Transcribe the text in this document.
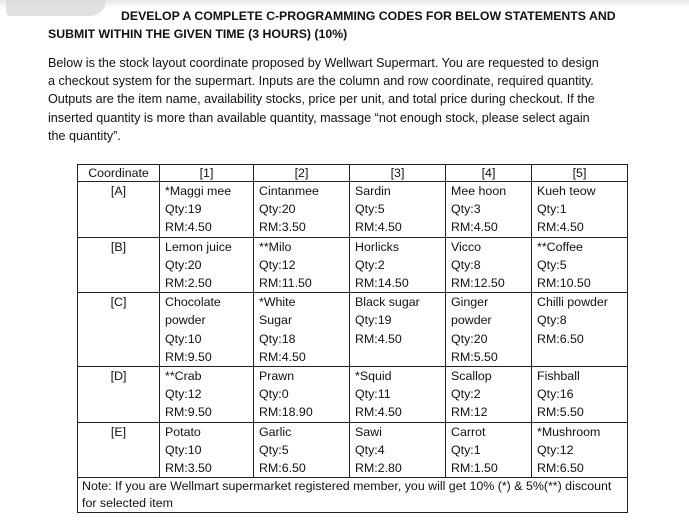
DEVELOP A COMPLETE C-PROGRAMMING CODES FOR BELOW STATEMENTS AND
SUBMIT WITHIN THE GIVEN TIME (3 HOURS) (10%)
Below is the stock layout coordinate proposed by Wellwart Supermart. You are requested to design
a checkout system for the supermart. Inputs are the column and row coordinate, required quantity.
Outputs are the item name, availability stocks, price per unit, and total price during checkout. If the
inserted quantity is more than available quantity, massage “not enough stock, please select again
the quantity”.
Coordinate	[1]	[2]	[3]	[4]	[5]
[A]	*Maggi mee
Qty:19
RM:4.50	Cintanmee
Qty:20
RM:3.50	Sardin
Qty:5
RM:4.50	Mee hoon
Qty:3
RM:4.50	Kueh teow
Qty:1
RM:4.50

[B]	Lemon juice
Qty:20
RM:2.50	**Milo
Qty:12
RM:11.50	Horlicks
Qty:2
RM:14.50	Vicco
Qty:8
RM:12.50	**Coffee
Qty:5
RM:10.50

[C]	Chocolate
powder
Qty:10
RM:9.50	*White
Sugar
Qty:18
RM:4.50	Black sugar
Qty:19
RM:4.50	Ginger
powder
Qty:20
RM:5.50	Chilli powder
Qty:8
RM:6.50

[D]	**Crab
Qty:12
RM:9.50	Prawn
Qty:0
RM:18.90	*Squid
Qty:11
RM:4.50	Scallop
Qty:2
RM:12	Fishball
Qty:16
RM:5.50

[E]	Potato
Qty:10
RM:3.50	Garlic
Qty:5
RM:6.50	Sawi
Qty:4
RM:2.80	Carrot
Qty:1
RM:1.50	*Mushroom
Qty:12
RM:6.50

Note: If you are Wellmart supermarket registered member, you will get 10% (*) & 5%(**) discount for selected item					
